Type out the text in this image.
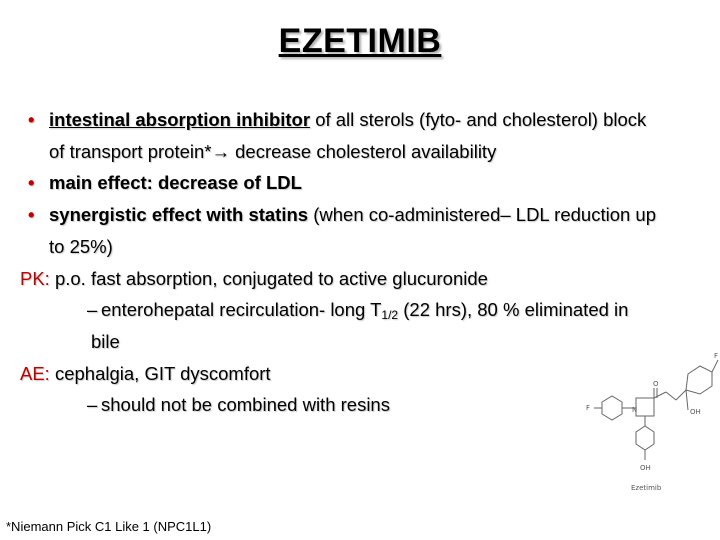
EZETIMIB
• intestinal absorption inhibitor of all sterols (fyto- and cholesterol) block
of transport protein*→ decrease cholesterol availability
• main effect: decrease of LDL
• synergistic effect with statins (when co-administered– LDL reduction up
to 25%)
PK: p.o. fast absorption, conjugated to active glucuronide
– enterohepatal recirculation- long $T_{1/2}$ (22 hrs), 80 % eliminated in
bile
AE: cephalgia, GIT dyscomfort
– should not be combined with resins
O
N	OH
F
F
OH
Ezetimib
*Niemann Pick C1 Like 1 (NPC1L1)
